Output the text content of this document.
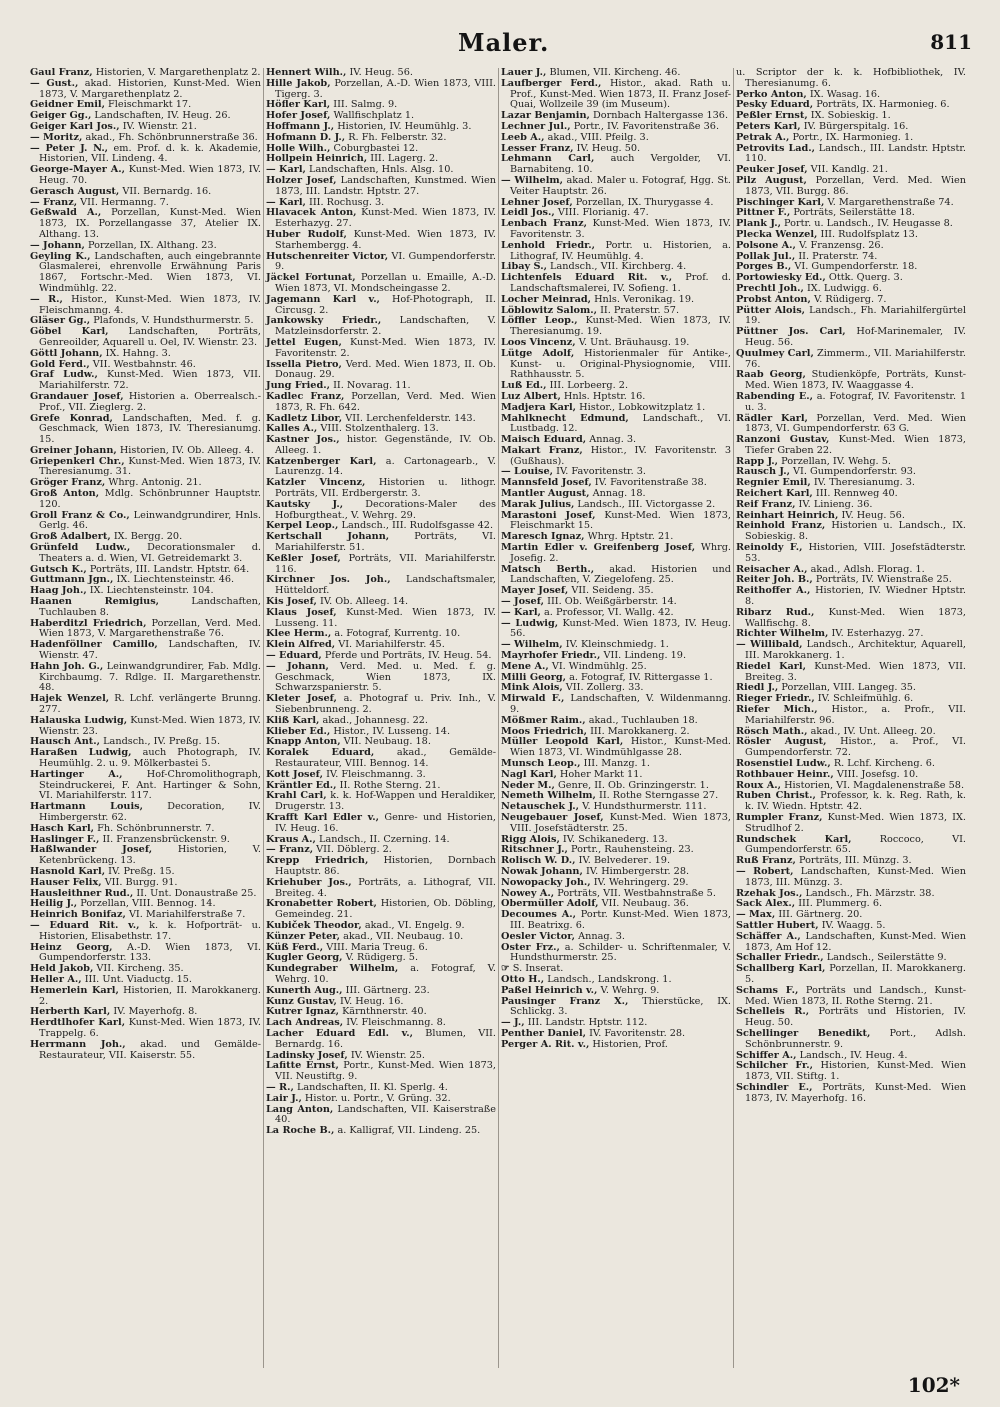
Maler.	811

Gaul Franz, Historien, V. Margarethenplatz 2.

— Gust., akad. Historien, Kunst-Med. Wien 1873, V. Margarethenplatz 2.

Geidner Emil, Fleischmarkt 17.

Geiger Gg., Landschaften, IV. Heug. 26.

Geiger Karl Jos., IV. Wienstr. 21.

— Moritz, akad., Fh. Schönbrunnerstraße 36.

— Peter J. N., em. Prof. d. k. k. Akademie, Historien, VII. Lindeng. 4.

George-Mayer A., Kunst-Med. Wien 1873, IV. Heug. 70.

Gerasch August, VII. Bernardg. 16.

— Franz, VII. Hermanng. 7.

Geßwald A., Porzellan, Kunst-Med. Wien 1873, IX. Porzellangasse 37, Atelier IX. Althang. 13.

— Johann, Porzellan, IX. Althang. 23.

Geyling K., Landschaften, auch eingebrannte Glasmalerei, ehrenvolle Erwähnung Paris 1867, Fortschr.-Med. Wien 1873, VI. Windmühlg. 22.

— R., Histor., Kunst-Med. Wien 1873, IV. Fleischmanng. 4.

Gläser Gg., Plafonds, V. Hundsthurmerstr. 5.

Göbel Karl, Landschaften, Porträts, Genreoilder, Aquarell u. Oel, IV. Wienstr. 23.

Göttl Johann, IX. Hahng. 3.

Gold Ferd., VII. Westbahnstr. 46.

Graf Ludw., Kunst-Med. Wien 1873, VII. Mariahilferstr. 72.

Grandauer Josef, Historien a. Oberrealsch.-Prof., VII. Zieglerg. 2.

Grefe Konrad, Landschaften, Med. f. g. Geschmack, Wien 1873, IV. Theresianumg. 15.

Greiner Johann, Historien, IV. Ob. Alleeg. 4.

Griepenkerl Chr., Kunst-Med. Wien 1873, IV. Theresianumg. 31.

Gröger Franz, Whrg. Antonig. 21.

Groß Anton, Mdlg. Schönbrunner Hauptstr. 120.

Groll Franz & Co., Leinwandgrundirer, Hnls. Gerlg. 46.

Groß Adalbert, IX. Bergg. 20.

Grünfeld Ludw., Decorationsmaler d. Theaters a. d. Wien, VI. Getreidemarkt 3.

Gutsch K., Porträts, III. Landstr. Hptstr. 64.

Guttmann Jgn., IX. Liechtensteinstr. 46.

Haag Joh., IX. Liechtensteinstr. 104.

Haanen Remigius,	Landschaften, Tuchlauben 8.

Haberditzl Friedrich, Porzellan, Verd. Med. Wien 1873, V. Margarethenstraße 76.

Hadenföllner Camillo, Landschaften, IV. Wienstr. 47.

Hahn Joh. G., Leinwandgrundirer, Fab. Mdlg. Kirchbaumg. 7. Rdlge. II. Margarethenstr. 48.

Hajek Wenzel, R. Lchf. verlängerte Brunng. 277.

Halauska Ludwig, Kunst-Med. Wien 1873, IV. Wienstr. 23.

Hausch Ant., Landsch., IV. Preßg. 15.

Haraßen Ludwig, auch Photograph, IV. Heumühlg. 2. u. 9. Mölkerbastei 5.

Hartinger A., Hof-Chromolithograph, Steindruckerei, F. Ant. Hartinger & Sohn, VI. Mariahilferstr. 117.

Hartmann Louis,	Decoration, IV. Himbergerstr. 62.

Hasch Karl, Fh. Schönbrunnerstr. 7.

Haslinger F., II. Franzensbrückenstr. 9.

Haßlwander Josef,	Historien, V. Ketenbrückeng. 13.

Hasnold Karl, IV. Preßg. 15.

Hauser Felix, VII. Burgg. 91.

Hausleithner Rud., II. Unt. Donaustraße 25.

Heilig J., Porzellan, VIII. Bennog. 14.

Heinrich Bonifaz, VI. Mariahilferstraße 7.

— Eduard Rit. v., k. k. Hofporträt- u. Historien, Elisabethstr. 17.

Heinz Georg, A.-D. Wien 1873, VI. Gumpendorferstr. 133.

Held Jakob, VII. Kircheng. 35.

Heller A., III. Unt. Viaductg. 15.

Hemerlein Karl, Historien, II. Marokkanerg. 2.

Herberth Karl, IV. Mayerhofg. 8.

Herdtlhofer Karl, Kunst-Med. Wien 1873, IV. Trappelg. 6.

Herrmann Joh., akad. und Gemälde-Restaurateur, VII. Kaiserstr. 55.

Hennert Wilh., IV. Heug. 56.

Hille Jakob, Porzellan, A.-D. Wien 1873, VIII. Tigerg. 3.

Höfler Karl, III. Salmg. 9.

Hofer Josef, Wallfischplatz 1.

Hoffmann J., Historien, IV. Heumühlg. 3.

Hofmann D. J., R. Fh. Felberstr. 32.

Holle Wilh., Coburgbastei 12.

Hollpein Heinrich, III. Lagerg. 2.

— Karl, Landschaften, Hnls. Alsg. 10.

Holzer Josef, Landschaften, Kunstmed. Wien 1873, III. Landstr. Hptstr. 27.

— Karl, III. Rochusg. 3.

Hlavacek Anton, Kunst-Med. Wien 1873, IV. Esterhazyg. 27.

Huber Rudolf, Kunst-Med. Wien 1873, IV. Starhembergg. 4.

Hutschenreiter Victor, VI. Gumpendorferstr. 9.

Jäckel Fortunat, Porzellan u. Emaille, A.-D. Wien 1873, VI. Mondscheingasse 2.

Jagemann Karl v., Hof-Photograph, II. Circusg. 2.

Jankowsky Friedr., Landschaften, V. Matzleinsdorferstr. 2.

Jettel Eugen, Kunst-Med. Wien 1873, IV. Favoritenstr. 2.

Issella Pietro, Verd. Med. Wien 1873, II. Ob. Donaug. 29.

Jung Fried., II. Novarag. 11.

Kadlec Franz, Porzellan, Verd. Med. Wien 1873, R. Fh. 642.

Kadletz Libor, VII. Lerchenfelderstr. 143.

Kalles A., VIII. Stolzenthalerg. 13.

Kastner Jos., histor. Gegenstände, IV. Ob. Alleeg. 1.

Katzenberger Karl, a. Cartonagearb., V. Laurenzg. 14.

Katzler Vincenz, Historien u. lithogr. Porträts, VII. Erdbergerstr. 3.

Kautsky J., Decorations-Maler des Hofburgtheat., V. Wehrg. 29.

Kerpel Leop., Landsch., III. Rudolfsgasse 42.

Kertschall Johann,	Porträts, VI. Mariahilferstr. 51.

Keßler Josef, Porträts, VII. Mariahilferstr. 116.

Kirchner Jos. Joh., Landschaftsmaler, Hütteldorf.

Kis Josef, IV. Ob. Alleeg. 14.

Klaus Josef, Kunst-Med. Wien 1873, IV. Lusseng. 11.

Klee Herm., a. Fotograf, Kurrentg. 10.

Klein Alfred, VI. Mariahilferstr. 45.

— Eduard, Pferde und Porträts, IV. Heug. 54.

— Johann, Verd. Med. u. Med. f. g. Geschmack, Wien 1873, IX. Schwarzspanierstr. 5.

Kleter Josef, a. Photograf u. Priv. Inh., V. Siebenbrunneng. 2.

Kliß Karl, akad., Johannesg. 22.

Klieber Ed., Histor., IV. Lusseng. 14.

Knapp Anton, VII. Neubaug. 18.

Koralek Eduard, akad., Gemälde-Restaurateur, VIII. Bennog. 14.

Kott Josef, IV. Fleischmanng. 3.

Kräntler Ed., II. Rothe Sterng. 21.

Krahl Carl, k. k. Hof-Wappen und Heraldiker, Drugerstr. 13.

Krafft Karl Edler v., Genre- und Historien, IV. Heug. 16.

Kraus A., Landsch., II. Czerning. 14.

— Franz, VII. Döblerg. 2.

Krepp Friedrich, Historien, Dornbach Hauptstr. 86.

Kriehuber Jos., Porträts, a. Lithograf, VII. Breiteg. 4.

Kronabetter Robert, Historien, Ob. Döbling, Gemeindeg. 21.

Kubiček Theodor, akad., VI. Engelg. 9.

Künzer Peter, akad., VII. Neubaug. 10.

Küß Ferd., VIII. Maria Treug. 6.

Kugler Georg, V. Rüdigerg. 5.

Kundegraber Wilhelm, a. Fotograf, V. Wehrg. 10.

Kunerth Aug., III. Gärtnerg. 23.

Kunz Gustav, IV. Heug. 16.

Kutrer Ignaz, Kärnthnerstr. 40.

Lach Andreas, IV. Fleischmanng. 8.

Lacher Eduard Edl. v., Blumen, VII. Bernardg. 16.

Ladinsky Josef, IV. Wienstr. 25.

Lafitte Ernst, Portr., Kunst-Med. Wien 1873, VII. Neustiftg. 9.

— R., Landschaften, II. Kl. Sperlg. 4.

Lair J., Histor. u. Portr., V. Grüng. 32.

Lang Anton, Landschaften, VII. Kaiserstraße 40.

La Roche B., a. Kalligraf, VII. Lindeng. 25.

Lauer J., Blumen, VII. Kircheng. 46.

Laufberger Ferd., Histor., akad. Rath u. Prof., Kunst-Med. Wien 1873, II. Franz Josef-Quai, Wollzeile 39 (im Museum).

Lazar Benjamin, Dornbach Haltergasse 136.

Lechner Jul., Portr., IV. Favoritenstraße 36.

Leeb A., akad., VIII. Pfeilg. 3.

Lesser Franz, IV. Heug. 50.

Lehmann Carl, auch Vergolder, VI. Barnabiteng. 10.

— Wilhelm, akad. Maler u. Fotograf, Hgg. St. Veiter Hauptstr. 26.

Lehner Josef, Porzellan, IX. Thurygasse 4.

Leidl Jos., VIII. Florianig. 47.

Lenbach Franz, Kunst-Med. Wien 1873, IV. Favoritenstr. 3.

Lenhold Friedr., Portr. u. Historien, a. Lithograf, IV. Heumühlg. 4.

Libay S., Landsch., VII. Kirchberg. 4.

Lichtenfels Eduard Rit. v., Prof. d. Landschaftsmalerei, IV. Sofieng. 1.

Locher Meinrad, Hnls. Veronikag. 19.

Löblowitz Salom., II. Praterstr. 57.

Löffler Leop., Kunst-Med. Wien 1873, IV. Theresianumg. 19.

Loos Vincenz, V. Unt. Bräuhausg. 19.

Lütge Adolf, Historienmaler für Antike-, Kunst- u. Original-Physiognomie, VIII. Rathhausstr. 5.

Luß Ed., III. Lorbeerg. 2.

Luz Albert, Hnls. Hptstr. 16.

Madjera Karl, Histor., Lobkowitzplatz 1.

Mahlknecht Edmund, Landschaft., VI. Lustbadg. 12.

Maisch Eduard, Annag. 3.

Makart Franz, Histor., IV. Favoritenstr. 3 (Gußhaus).

— Louise, IV. Favoritenstr. 3.

Mannsfeld Josef, IV. Favoritenstraße 38.

Mantler August, Annag. 18.

Marak Julius, Landsch., III. Victorgasse 2.

Marastoni Josef, Kunst-Med. Wien 1873, Fleischmarkt 15.

Maresch Ignaz, Whrg. Hptstr. 21.

Martin Edler v. Greifenberg Josef, Whrg. Josefig. 2.

Matsch Berth., akad. Historien und Landschaften, V. Ziegelofeng. 25.

Mayer Josef, VII. Seideng. 35.

— Josef, III. Ob. Weißgärberstr. 14.

— Karl, a. Professor, VI. Wallg. 42.

— Ludwig, Kunst-Med. Wien 1873, IV. Heug. 56.

— Wilhelm, IV. Kleinschmiedg. 1.

Mayrhofer Friedr., VII. Lindeng. 19.

Mene A., VI. Windmühlg. 25.

Milli Georg, a. Fotograf, IV. Rittergasse 1.

Mink Alois, VII. Zollerg. 33.

Mirwald F., Landschaften, V. Wildenmanng. 9.

Mößmer Raim., akad., Tuchlauben 18.

Moos Friedrich, III. Marokkanerg. 2.

Müller Leopold Karl, Histor., Kunst-Med. Wien 1873, VI. Windmühlgasse 28.

Munsch Leop., III. Manzg. 1.

Nagl Karl, Hoher Markt 11.

Neder M., Genre, II. Ob. Grinzingerstr. 1.

Nemeth Wilhelm, II. Rothe Sterngasse 27.

Netauschek J., V. Hundsthurmerstr. 111.

Neugebauer Josef, Kunst-Med. Wien 1873, VIII. Josefstädterstr. 25.

Rigg Alois, IV. Schikanederg. 13.

Ritschner J., Portr., Rauhensteing. 23.

Rolisch W. D., IV. Belvederег. 19.

Nowak Johann, IV. Himbergerstr. 28.

Nowopacky Joh., IV. Wehringerg. 29.

Nowey A., Porträts, VII. Westbahnstraße 5.

Obermüller Adolf, VII. Neubaug. 36.

Decoumes A., Portr. Kunst-Med. Wien 1873, III. Beatrixg. 6.

Oesler Victor, Annag. 3.

Oster Frz., a. Schilder- u. Schriftenmaler, V. Hundsthurmerstr. 25.

☞ S. Inserat.

Otto H., Landsch., Landskrong. 1.

Paßel Heinrich v., V. Wehrg. 9.

Pausinger Franz X., Thierstücke, IX. Schlickg. 3.

— J., III. Landstr. Hptstr. 112.

Penther Daniel, IV. Favoritenstr. 28.

Perger A. Rit. v., Historien, Prof.

u. Scriptor der k. k. Hofbibliothek, IV. Theresianumg. 6.

Perko Anton, IX. Wasag. 16.

Pesky Eduard, Porträts, IX. Harmonieg. 6.

Peßler Ernst, IX. Sobieskig. 1.

Peters Karl, IV. Bürgerspitalg. 16.

Petrak A., Portr., IX. Harmonieg. 1.

Petrovits Lad., Landsch., III. Landstr. Hptstr. 110.

Peuker Josef, VII. Kandlg. 21.

Pilz August, Porzellan, Verd. Med. Wien 1873, VII. Burgg. 86.

Pischinger Karl, V. Margarethenstraße 74.

Pittner F., Porträts, Seilerstätte 18.

Plank J., Portr. u. Landsch., IV. Heugasse 8.

Plecka Wenzel, III. Rudolfsplatz 13.

Polsone A., V. Franzensg. 26.

Pollak Jul., II. Praterstr. 74.

Porges B., VI. Gumpendorferstr. 18.

Portowiesky Ed., Ottk. Querg. 3.

Prechtl Joh., IX. Ludwigg. 6.

Probst Anton, V. Rüdigerg. 7.

Pütter Alois, Landsch., Fh. Mariahilfergürtel 19.

Püttner Jos. Carl, Hof-Marinemaler, IV. Heug. 56.

Quulmey Carl, Zimmerm., VII. Mariahilferstr. 76.

Raab Georg, Studienköpfe, Porträts, Kunst-Med. Wien 1873, IV. Waaggasse 4.

Rabending E., a. Fotograf, IV. Favoritenstr. 1 u. 3.

Rädler Karl, Porzellan, Verd. Med. Wien 1873, VI. Gumpendorferstr. 63 G.

Ranzoni Gustav, Kunst-Med. Wien 1873, Tiefer Graben 22.

Rapp J., Porzellan, IV. Wehg. 5.

Rausch J., VI. Gumpendorferstr. 93.

Regnier Emil, IV. Theresianumg. 3.

Reichert Karl, III. Rennweg 40.

Reif Franz, IV. Linieng. 36.

Reinhart Heinrich, IV. Heug. 56.

Reinhold Franz, Historien u. Landsch., IX. Sobieskig. 8.

Reinoldy F., Historien, VIII. Josefstädterstr. 53.

Reisacher A., akad., Adlsh. Florag. 1.

Reiter Joh. B., Porträts, IV. Wienstraße 25.

Reithoffer A., Historien, IV. Wiedner Hptstr. 8.

Ribarz Rud., Kunst-Med. Wien 1873, Wallfischg. 8.

Richter Wilhelm, IV. Esterhazyg. 27.

— Willibald, Landsch., Architektur, Aquarell, III. Marokkanerg. 1.

Riedel Karl, Kunst-Med. Wien 1873, VII. Breiteg. 3.

Riedl J., Porzellan, VIII. Langeg. 35.

Rieger Friedr., IV. Schleifmühlg. 6.

Riefer Mich., Histor., a. Profr., VII. Mariahilferstr. 96.

Rösch Math., akad., IV. Unt. Alleeg. 20.

Rösler August, Histor., a. Prof., VI. Gumpendorferstr. 72.

Rosenstiel Ludw., R. Lchf. Kircheng. 6.

Rothbauer Heinr., VIII. Josefsg. 10.

Roux A., Historien, VI. Magdalenenstraße 58.

Ruben Christ., Professor, k. k. Reg. Rath, k. k. IV. Wiedn. Hptstr. 42.

Rumpler Franz, Kunst-Med. Wien 1873, IX. Strudlhof 2.

Rundschek Karl,	Roccoco, VI. Gumpendorferstr. 65.

Ruß Franz, Porträts, III. Münzg. 3.

— Robert, Landschaften, Kunst-Med. Wien 1873, III. Münzg. 3.

Rzehak Jos., Landsch., Fh. Märzstr. 38.

Sack Alex., III. Plummerg. 6.

— Max, III. Gärtnerg. 20.

Sattler Hubert, IV. Waagg. 5.

Schäffer A., Landschaften, Kunst-Med. Wien 1873, Am Hof 12.

Schaller Friedr., Landsch., Seilerstätte 9.

Schallberg Karl, Porzellan, II. Marokkanerg. 5.

Schams F., Porträts und Landsch., Kunst-Med. Wien 1873, II. Rothe Sterng. 21.

Schelleis R., Porträts und Historien, IV. Heug. 50.

Schellinger Benedikt, Port., Adlsh. Schönbrunnerstr. 9.

Schiffer A., Landsch., IV. Heug. 4.

Schilcher Fr., Historien, Kunst-Med. Wien 1873, VII. Stiftg. 1.

Schindler E., Porträts, Kunst-Med. Wien 1873, IV. Mayerhofg. 16.

102*
